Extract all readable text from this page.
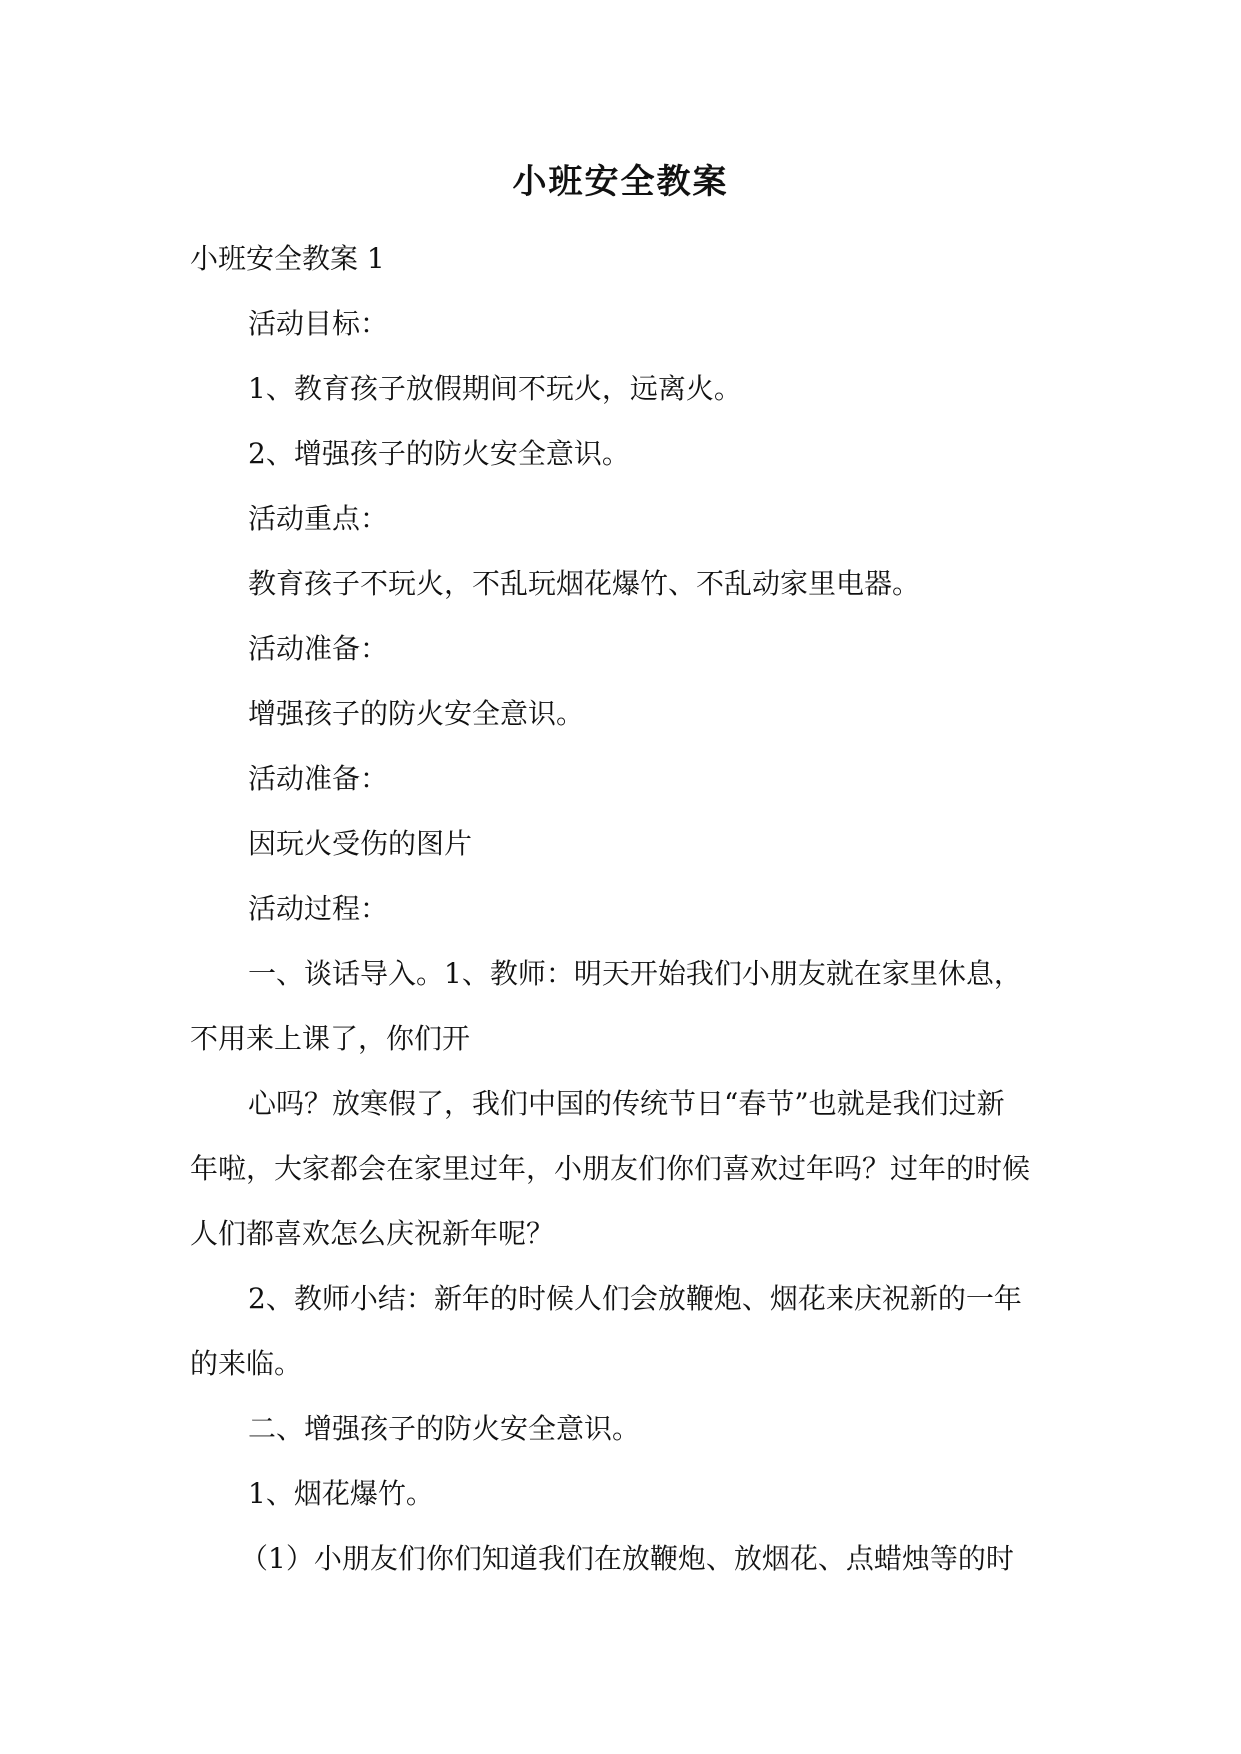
小班安全教案

小班安全教案 1

活动目标：

1、教育孩子放假期间不玩火，远离火。

2、增强孩子的防火安全意识。

活动重点：

教育孩子不玩火，不乱玩烟花爆竹、不乱动家里电器。

活动准备：

增强孩子的防火安全意识。

活动准备：

因玩火受伤的图片

活动过程：

一、谈话导入。1、教师：明天开始我们小朋友就在家里休息，

不用来上课了，你们开

心吗？放寒假了，我们中国的传统节日“春节”也就是我们过新

年啦，大家都会在家里过年，小朋友们你们喜欢过年吗？过年的时候

人们都喜欢怎么庆祝新年呢？

2、教师小结：新年的时候人们会放鞭炮、烟花来庆祝新的一年

的来临。

二、增强孩子的防火安全意识。

1、烟花爆竹。

（1）小朋友们你们知道我们在放鞭炮、放烟花、点蜡烛等的时
